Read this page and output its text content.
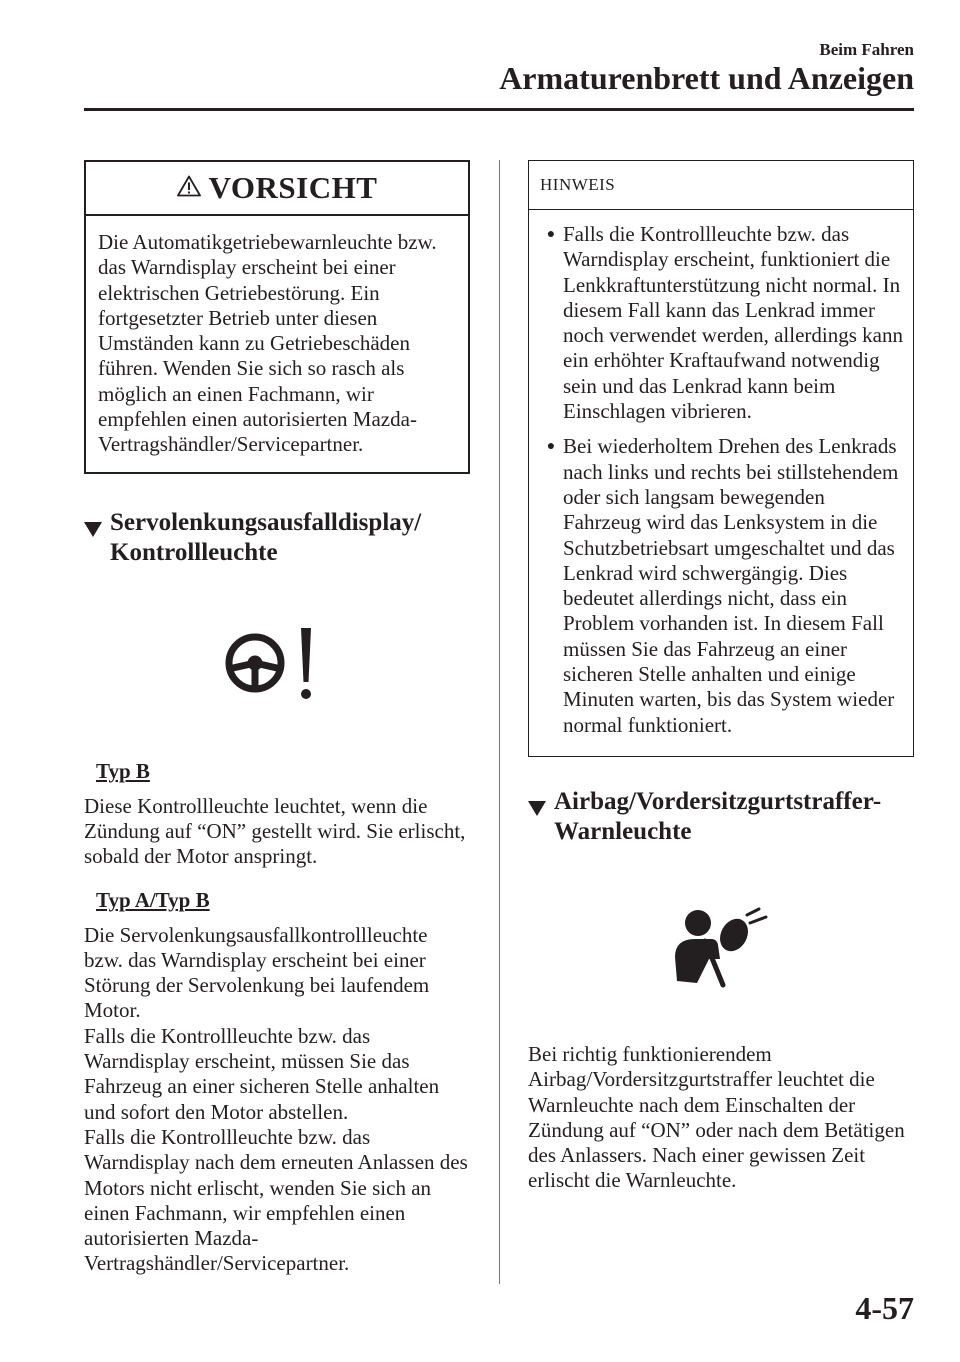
Beim Fahren
Armaturenbrett und Anzeigen
VORSICHT
Die Automatikgetriebewarnleuchte bzw. das Warndisplay erscheint bei einer elektrischen Getriebestörung. Ein fortgesetzter Betrieb unter diesen Umständen kann zu Getriebeschäden führen. Wenden Sie sich so rasch als möglich an einen Fachmann, wir empfehlen einen autorisierten Mazda-Vertragshändler/Servicepartner.
Servolenkungsausfalldisplay/
Kontrollleuchte
Typ B
Diese Kontrollleuchte leuchtet, wenn die Zündung auf “ON” gestellt wird. Sie erlischt, sobald der Motor anspringt.
Typ A/Typ B
Die Servolenkungsausfallkontrollleuchte bzw. das Warndisplay erscheint bei einer Störung der Servolenkung bei laufendem Motor.
Falls die Kontrollleuchte bzw. das Warndisplay erscheint, müssen Sie das Fahrzeug an einer sicheren Stelle anhalten und sofort den Motor abstellen.
Falls die Kontrollleuchte bzw. das Warndisplay nach dem erneuten Anlassen des Motors nicht erlischt, wenden Sie sich an einen Fachmann, wir empfehlen einen autorisierten Mazda-Vertragshändler/Servicepartner.
HINWEIS
● Falls die Kontrollleuchte bzw. das Warndisplay erscheint, funktioniert die Lenkkraftunterstützung nicht normal. In diesem Fall kann das Lenkrad immer noch verwendet werden, allerdings kann ein erhöhter Kraftaufwand notwendig sein und das Lenkrad kann beim Einschlagen vibrieren.
● Bei wiederholtem Drehen des Lenkrads nach links und rechts bei stillstehendem oder sich langsam bewegenden Fahrzeug wird das Lenksystem in die Schutzbetriebsart umgeschaltet und das Lenkrad wird schwergängig. Dies bedeutet allerdings nicht, dass ein Problem vorhanden ist. In diesem Fall müssen Sie das Fahrzeug an einer sicheren Stelle anhalten und einige Minuten warten, bis das System wieder normal funktioniert.
Airbag/Vordersitzgurtstraffer-
Warnleuchte
Bei richtig funktionierendem Airbag/Vordersitzgurtstraffer leuchtet die Warnleuchte nach dem Einschalten der Zündung auf “ON” oder nach dem Betätigen des Anlassers. Nach einer gewissen Zeit erlischt die Warnleuchte.
4-57
